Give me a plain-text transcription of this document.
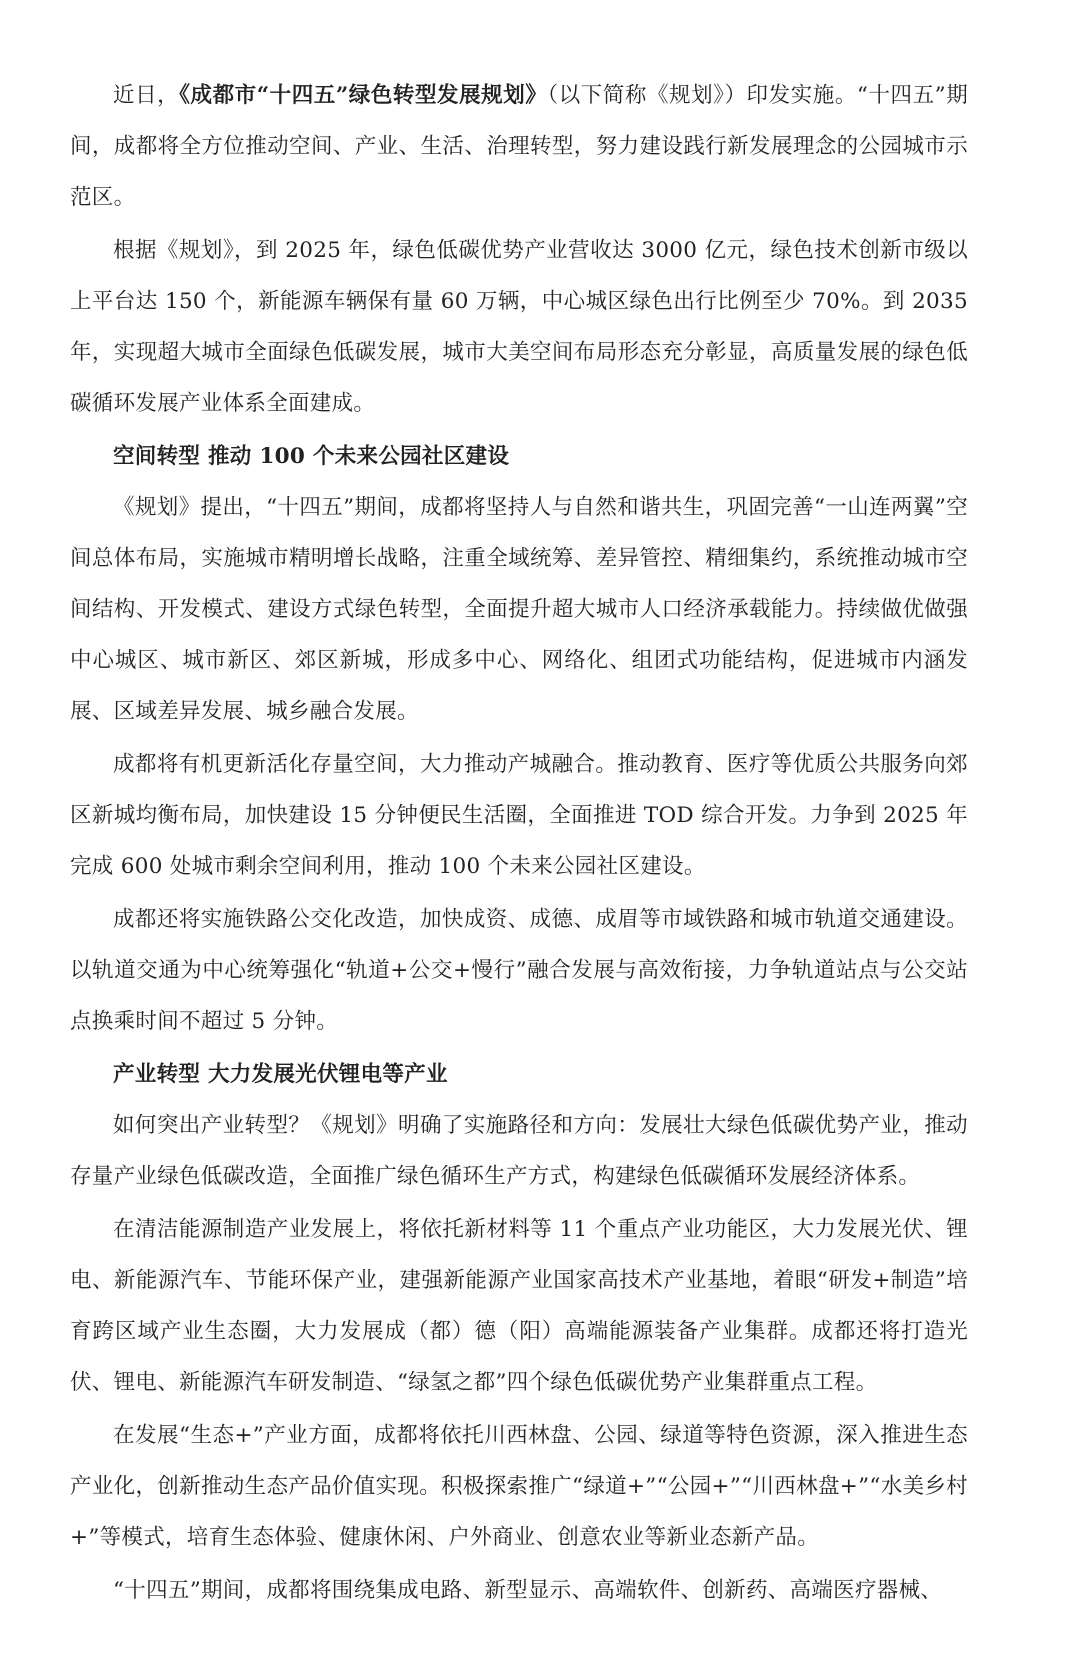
近日，《成都市“十四五”绿色转型发展规划》（以下简称《规划》）印发实施。“十四五”期间，成都将全方位推动空间、产业、生活、治理转型，努力建设践行新发展理念的公园城市示范区。

根据《规划》，到 2025 年，绿色低碳优势产业营收达 3000 亿元，绿色技术创新市级以上平台达 150 个，新能源车辆保有量 60 万辆，中心城区绿色出行比例至少 70%。到 2035 年，实现超大城市全面绿色低碳发展，城市大美空间布局形态充分彰显，高质量发展的绿色低碳循环发展产业体系全面建成。

空间转型 推动 100 个未来公园社区建设

《规划》提出，“十四五”期间，成都将坚持人与自然和谐共生，巩固完善“一山连两翼”空间总体布局，实施城市精明增长战略，注重全域统筹、差异管控、精细集约，系统推动城市空间结构、开发模式、建设方式绿色转型，全面提升超大城市人口经济承载能力。持续做优做强中心城区、城市新区、郊区新城，形成多中心、网络化、组团式功能结构，促进城市内涵发展、区域差异发展、城乡融合发展。

成都将有机更新活化存量空间，大力推动产城融合。推动教育、医疗等优质公共服务向郊区新城均衡布局，加快建设 15 分钟便民生活圈，全面推进 TOD 综合开发。力争到 2025 年完成 600 处城市剩余空间利用，推动 100 个未来公园社区建设。

成都还将实施铁路公交化改造，加快成资、成德、成眉等市域铁路和城市轨道交通建设。以轨道交通为中心统筹强化“轨道+公交+慢行”融合发展与高效衔接，力争轨道站点与公交站点换乘时间不超过 5 分钟。

产业转型 大力发展光伏锂电等产业

如何突出产业转型？《规划》明确了实施路径和方向：发展壮大绿色低碳优势产业，推动存量产业绿色低碳改造，全面推广绿色循环生产方式，构建绿色低碳循环发展经济体系。

在清洁能源制造产业发展上，将依托新材料等 11 个重点产业功能区，大力发展光伏、锂电、新能源汽车、节能环保产业，建强新能源产业国家高技术产业基地，着眼“研发+制造”培育跨区域产业生态圈，大力发展成（都）德（阳）高端能源装备产业集群。成都还将打造光伏、锂电、新能源汽车研发制造、“绿氢之都”四个绿色低碳优势产业集群重点工程。

在发展“生态+”产业方面，成都将依托川西林盘、公园、绿道等特色资源，深入推进生态产业化，创新推动生态产品价值实现。积极探索推广“绿道+”“公园+”“川西林盘+”“水美乡村+”等模式，培育生态体验、健康休闲、户外商业、创意农业等新业态新产品。

“十四五”期间，成都将围绕集成电路、新型显示、高端软件、创新药、高端医疗器械、
